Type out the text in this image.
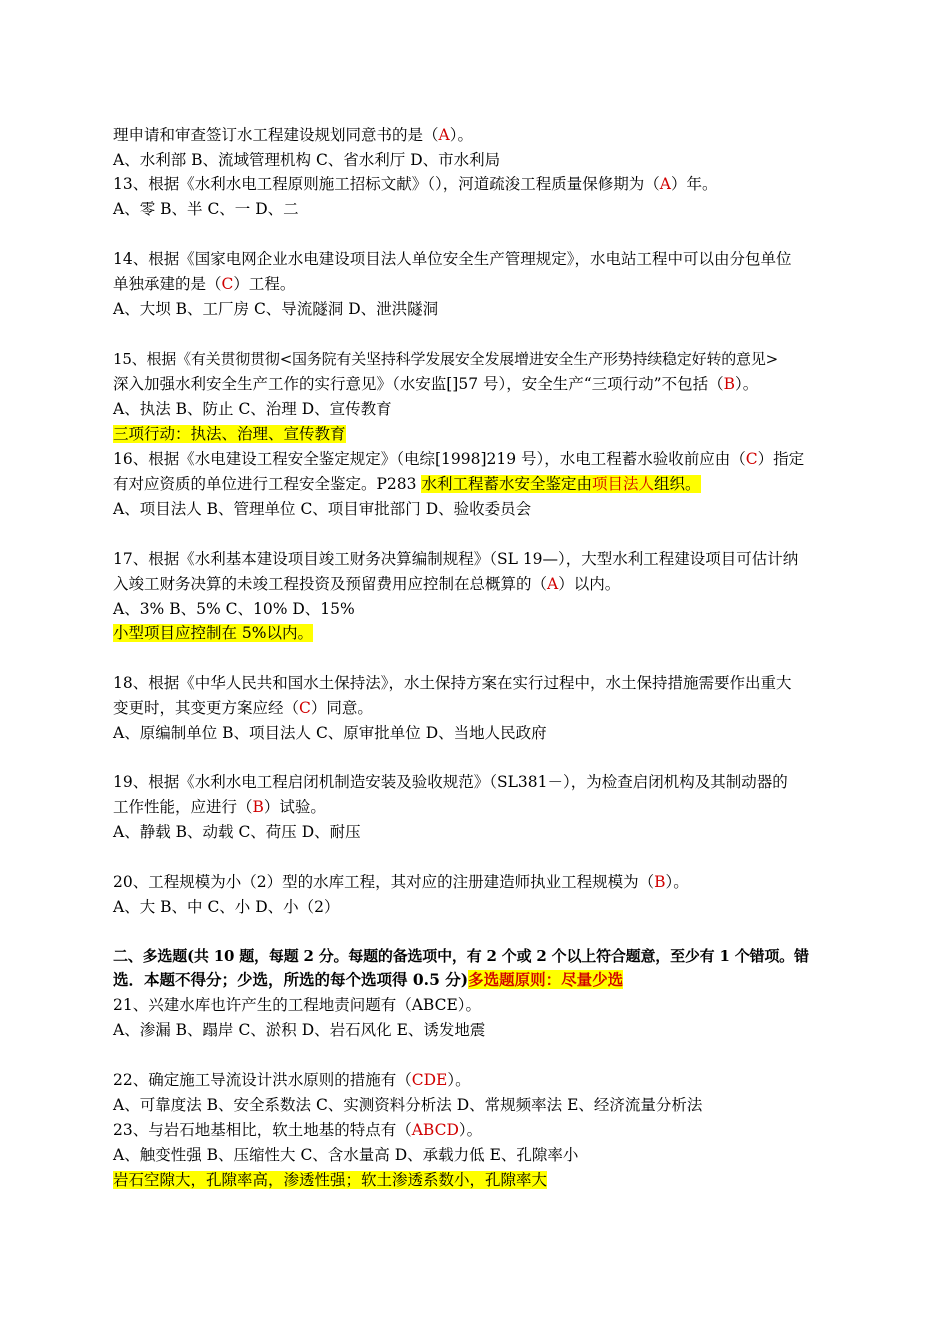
理申请和审查签订水工程建设规划同意书的是（A）。
A、水利部 B、流域管理机构 C、省水利厅 D、市水利局
13、根据《水利水电工程原则施工招标文献》（），河道疏浚工程质量保修期为（A）年。
A、零 B、半 C、一 D、二
14、根据《国家电网企业水电建设项目法人单位安全生产管理规定》，水电站工程中可以由分包单位
单独承建的是（C）工程。
A、大坝 B、工厂房 C、导流隧洞 D、泄洪隧洞
15、根据《有关贯彻贯彻<国务院有关坚持科学发展安全发展增进安全生产形势持续稳定好转的意见>
深入加强水利安全生产工作的实行意见》（水安监[]57 号），安全生产“三项行动”不包括（B）。
A、执法 B、防止 C、治理 D、宣传教育
三项行动：执法、治理、宣传教育
16、根据《水电建设工程安全鉴定规定》（电综[1998]219 号），水电工程蓄水验收前应由（C）指定
有对应资质的单位进行工程安全鉴定。P283 水利工程蓄水安全鉴定由项目法人组织。
A、项目法人 B、管理单位 C、项目审批部门 D、验收委员会
17、根据《水利基本建设项目竣工财务决算编制规程》（SL 19—），大型水利工程建设项目可估计纳
入竣工财务决算的未竣工程投资及预留费用应控制在总概算的（A）以内。
A、3% B、5% C、10% D、15%
小型项目应控制在 5%以内。
18、根据《中华人民共和国水土保持法》，水土保持方案在实行过程中，水土保持措施需要作出重大
变更时，其变更方案应经（C）同意。
A、原编制单位 B、项目法人 C、原审批单位 D、当地人民政府
19、根据《水利水电工程启闭机制造安装及验收规范》（SL381－），为检查启闭机构及其制动器的
工作性能，应进行（B）试验。
A、静载 B、动载 C、荷压 D、耐压
20、工程规模为小（2）型的水库工程，其对应的注册建造师执业工程规模为（B）。
A、大 B、中 C、小 D、小（2）
二、多选题(共 10 题，每题 2 分。每题的备选项中，有 2 个或 2 个以上符合题意，至少有 1 个错项。错
选．本题不得分；少选，所选的每个选项得 0.5 分)多选题原则：尽量少选
21、兴建水库也许产生的工程地责问题有（ABCE）。
A、渗漏 B、蹋岸 C、淤积 D、岩石风化 E、诱发地震
22、确定施工导流设计洪水原则的措施有（CDE）。
A、可靠度法 B、安全系数法 C、实测资料分析法 D、常规频率法 E、经济流量分析法
23、与岩石地基相比，软土地基的特点有（ABCD）。
A、触变性强 B、压缩性大 C、含水量高 D、承载力低 E、孔隙率小
岩石空隙大，孔隙率高，渗透性强；软土渗透系数小，孔隙率大
